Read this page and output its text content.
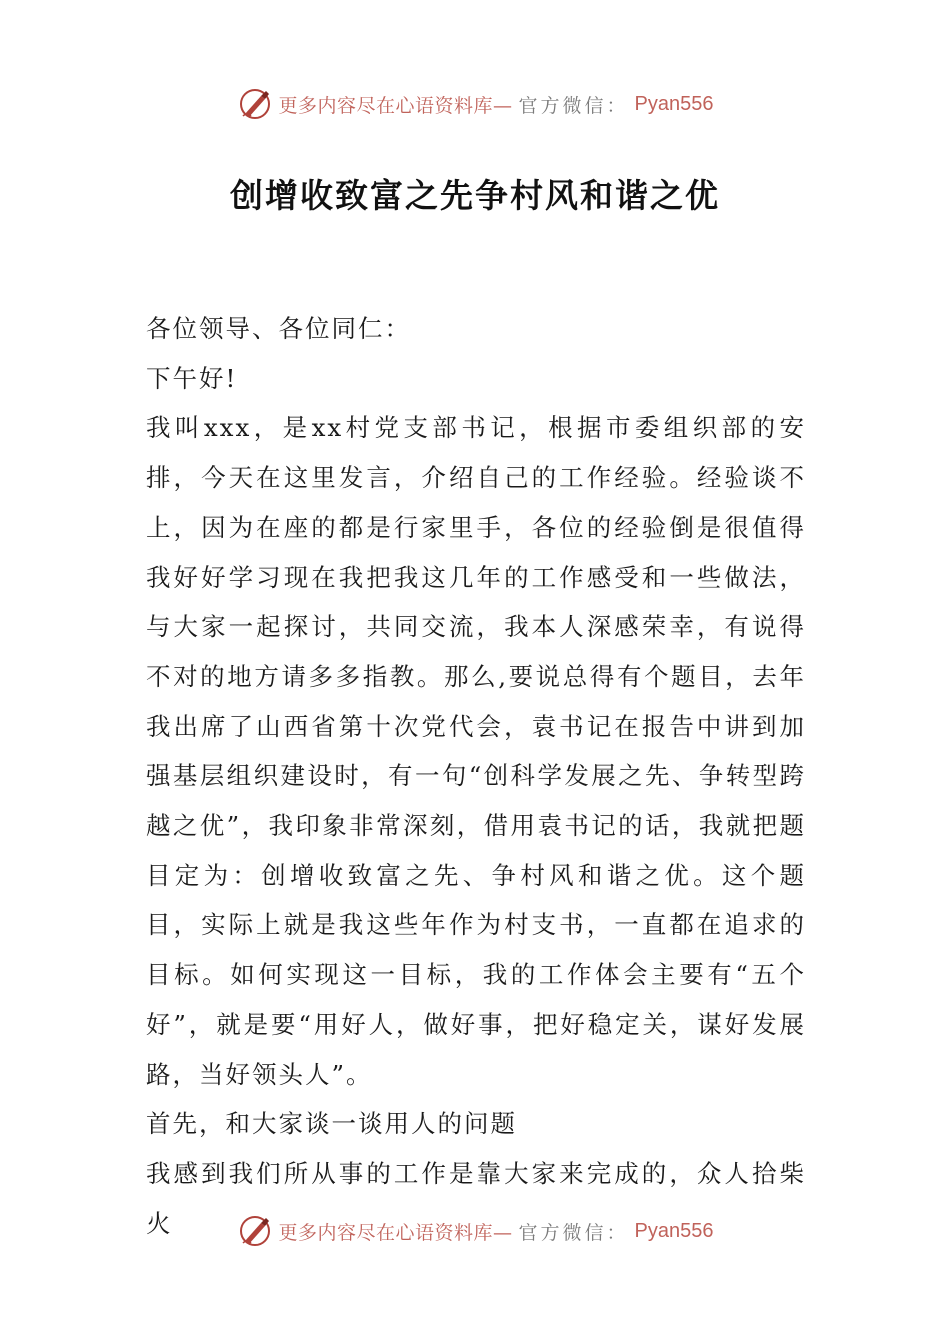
更多内容尽在心语资料库— 官方微信： Pyan556
创增收致富之先争村风和谐之优

各位领导、各位同仁：

下午好!

我叫xxx，是xx村党支部书记，根据市委组织部的安排，今天在这里发言，介绍自己的工作经验。经验谈不上，因为在座的都是行家里手，各位的经验倒是很值得我好好学习现在我把我这几年的工作感受和一些做法，与大家一起探讨，共同交流，我本人深感荣幸，有说得不对的地方请多多指教。那么,要说总得有个题目，去年我出席了山西省第十次党代会，袁书记在报告中讲到加强基层组织建设时，有一句“创科学发展之先、争转型跨越之优”，我印象非常深刻，借用袁书记的话，我就把题目定为：创增收致富之先、争村风和谐之优。这个题目，实际上就是我这些年作为村支书，一直都在追求的目标。如何实现这一目标，我的工作体会主要有“五个好”，就是要“用好人，做好事，把好稳定关，谋好发展路，当好领头人”。

首先，和大家谈一谈用人的问题

我感到我们所从事的工作是靠大家来完成的，众人拾柴火	更多内容尽在心语资料库— 官方微信： Pyan556
